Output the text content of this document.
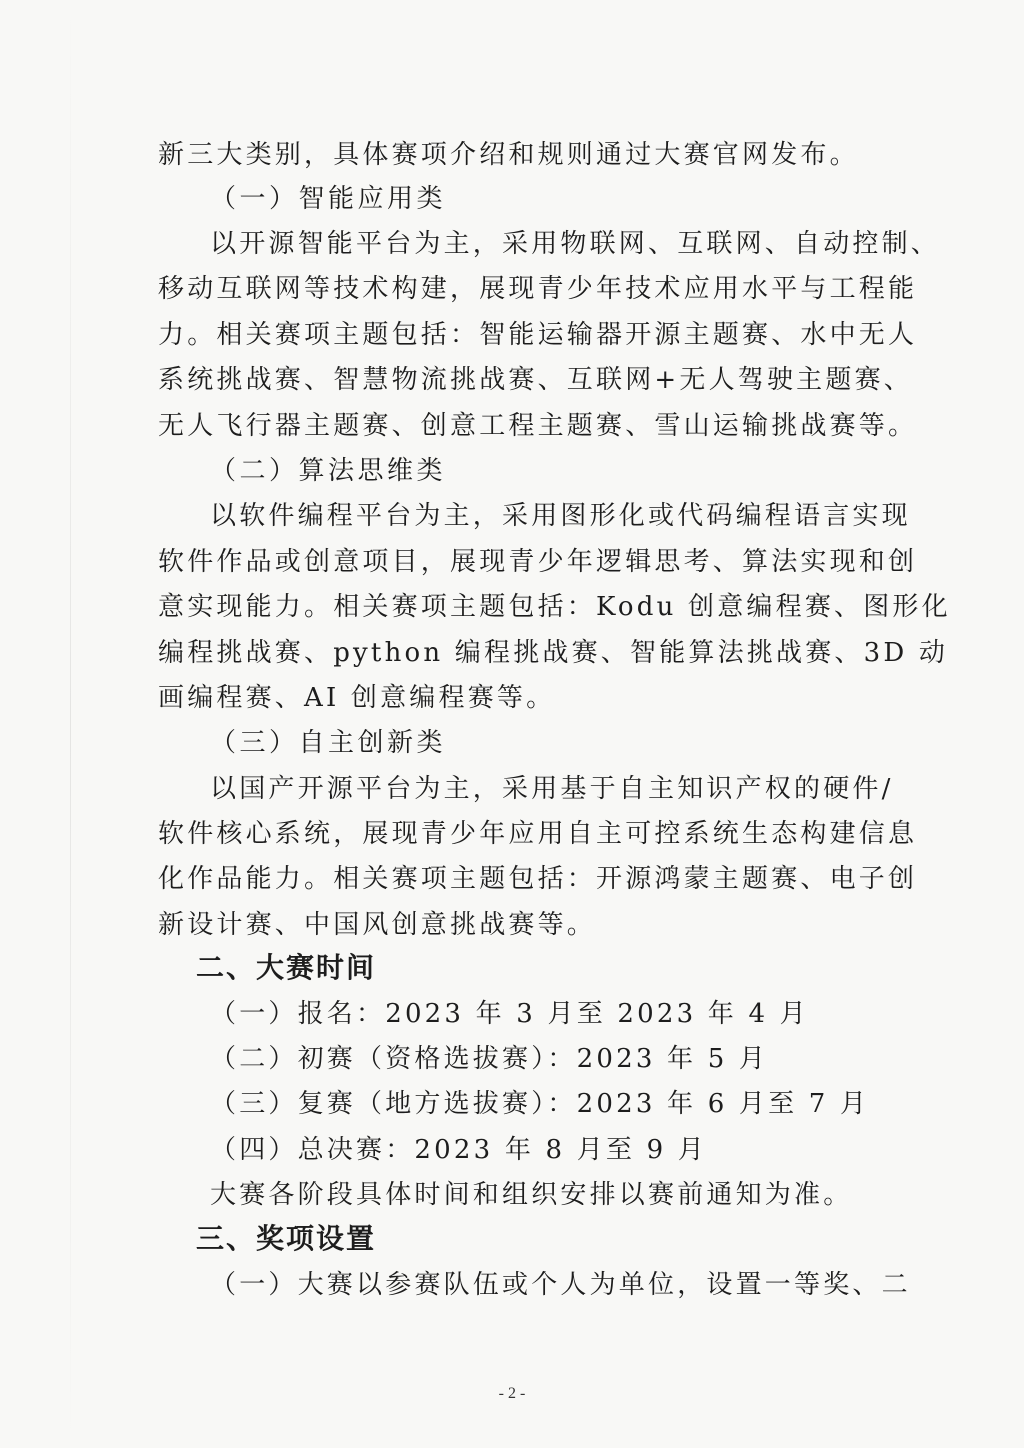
新三大类别，具体赛项介绍和规则通过大赛官网发布。
（一）智能应用类
以开源智能平台为主，采用物联网、互联网、自动控制、
移动互联网等技术构建，展现青少年技术应用水平与工程能
力。相关赛项主题包括：智能运输器开源主题赛、水中无人
系统挑战赛、智慧物流挑战赛、互联网+无人驾驶主题赛、
无人飞行器主题赛、创意工程主题赛、雪山运输挑战赛等。
（二）算法思维类
以软件编程平台为主，采用图形化或代码编程语言实现
软件作品或创意项目，展现青少年逻辑思考、算法实现和创
意实现能力。相关赛项主题包括：Kodu 创意编程赛、图形化
编程挑战赛、python 编程挑战赛、智能算法挑战赛、3D 动
画编程赛、AI 创意编程赛等。
（三）自主创新类
以国产开源平台为主，采用基于自主知识产权的硬件/
软件核心系统，展现青少年应用自主可控系统生态构建信息
化作品能力。相关赛项主题包括：开源鸿蒙主题赛、电子创
新设计赛、中国风创意挑战赛等。
二、大赛时间
（一）报名：2023 年 3 月至 2023 年 4 月
（二）初赛（资格选拔赛）：2023 年 5 月
（三）复赛（地方选拔赛）：2023 年 6 月至 7 月
（四）总决赛：2023 年 8 月至 9 月
大赛各阶段具体时间和组织安排以赛前通知为准。
三、奖项设置
（一）大赛以参赛队伍或个人为单位，设置一等奖、二
- 2 -
